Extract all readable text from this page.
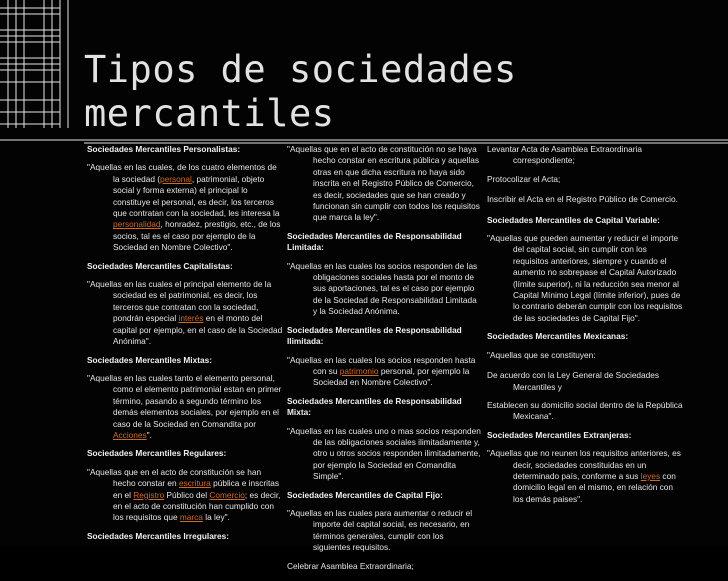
Tipos de sociedades mercantiles

Sociedades Mercantiles Personalistas:

"Aquellas en las cuales, de los cuatro elementos de la sociedad (personal, patrimonial, objeto social y forma externa) el principal lo constituye el personal, es decir, los terceros que contratan con la sociedad, les interesa la personalidad, honradez, prestigio, etc., de los socios, tal es el caso por ejemplo de la Sociedad en Nombre Colectivo".

Sociedades Mercantiles Capitalistas:

"Aquellas en las cuales el principal elemento de la sociedad es el patrimonial, es decir, los terceros que contratan con la sociedad, pondrán especial interés en el monto del capital por ejemplo, en el caso de la Sociedad Anónima".

Sociedades Mercantiles Mixtas:

"Aquellas en las cuales tanto el elemento personal, como el elemento patrimonial estan en primer término, pasando a segundo término los demás elementos sociales, por ejemplo en el caso de la Sociedad en Comandita por Acciones".

Sociedades Mercantiles Regulares:

"Aquellas que en el acto de constitución se han hecho constar en escritura pública e inscritas en el Registro Público del Comercio; es decir, en el acto de constitución han cumplido con los requisitos que marca la ley".

Sociedades Mercantiles Irregulares:

"Aquellas que en el acto de constitución no se haya hecho constar en escritura pública y aquellas otras en que dicha escritura no haya sido inscrita en el Registro Público de Comercio, es decir, sociedades que se han creado y funcionan sin cumplir con todos los requisitos que marca la ley".

Sociedades Mercantiles de Responsabilidad Limitada:

"Aquellas en las cuales los socios responden de las obligaciones sociales hasta por el monto de sus aportaciones, tal es el caso por ejemplo de la Sociedad de Responsabilidad Limitada y la Sociedad Anónima.

Sociedades Mercantiles de Responsabilidad Ilimitada:

"Aquellas en las cuales los socios responden hasta con su patrimonio personal, por ejemplo la Sociedad en Nombre Colectivo".

Sociedades Mercantiles de Responsabilidad Mixta:

"Aquellas en las cuales uno o mas socios responden de las obligaciones sociales ilimitadamente y, otro u otros socios responden ilimitadamente, por ejemplo la Sociedad en Comandita Simple".

Sociedades Mercantiles de Capital Fijo:

"Aquellas en las cuales para aumentar o reducir el importe del capital social, es necesario, en términos generales, cumplir con los siguientes requisitos.

Celebrar Asamblea Extraordinaria;

Levantar Acta de Asamblea Extraordinaria correspondiente;

Protocolizar el Acta;

Inscribir el Acta en el Registro Público de Comercio.

Sociedades Mercantiles de Capital Variable:

"Aquellas que pueden aumentar y reducir el importe del capital social, sin cumplir con los requisitos anteriores, siempre y cuando el aumento no sobrepase el Capital Autorizado (límite superior), ni la reducción sea menor al Capital Mínimo Legal (límite inferior), pues de lo contrario deberán cumplir con los requisitos de las sociedades de Capital Fijo".

Sociedades Mercantiles Mexicanas:

"Aquellas que se constituyen:

De acuerdo con la Ley General de Sociedades Mercantiles y

Establecen su domicilio social dentro de la República Mexicana".

Sociedades Mercantiles Extranjeras:

"Aquellas que no reunen los requisitos anteriores, es decir, sociedades constituidas en un determinado país, conforme a sus leyes con domicilio legal en el mismo, en relación con los demás paises".
